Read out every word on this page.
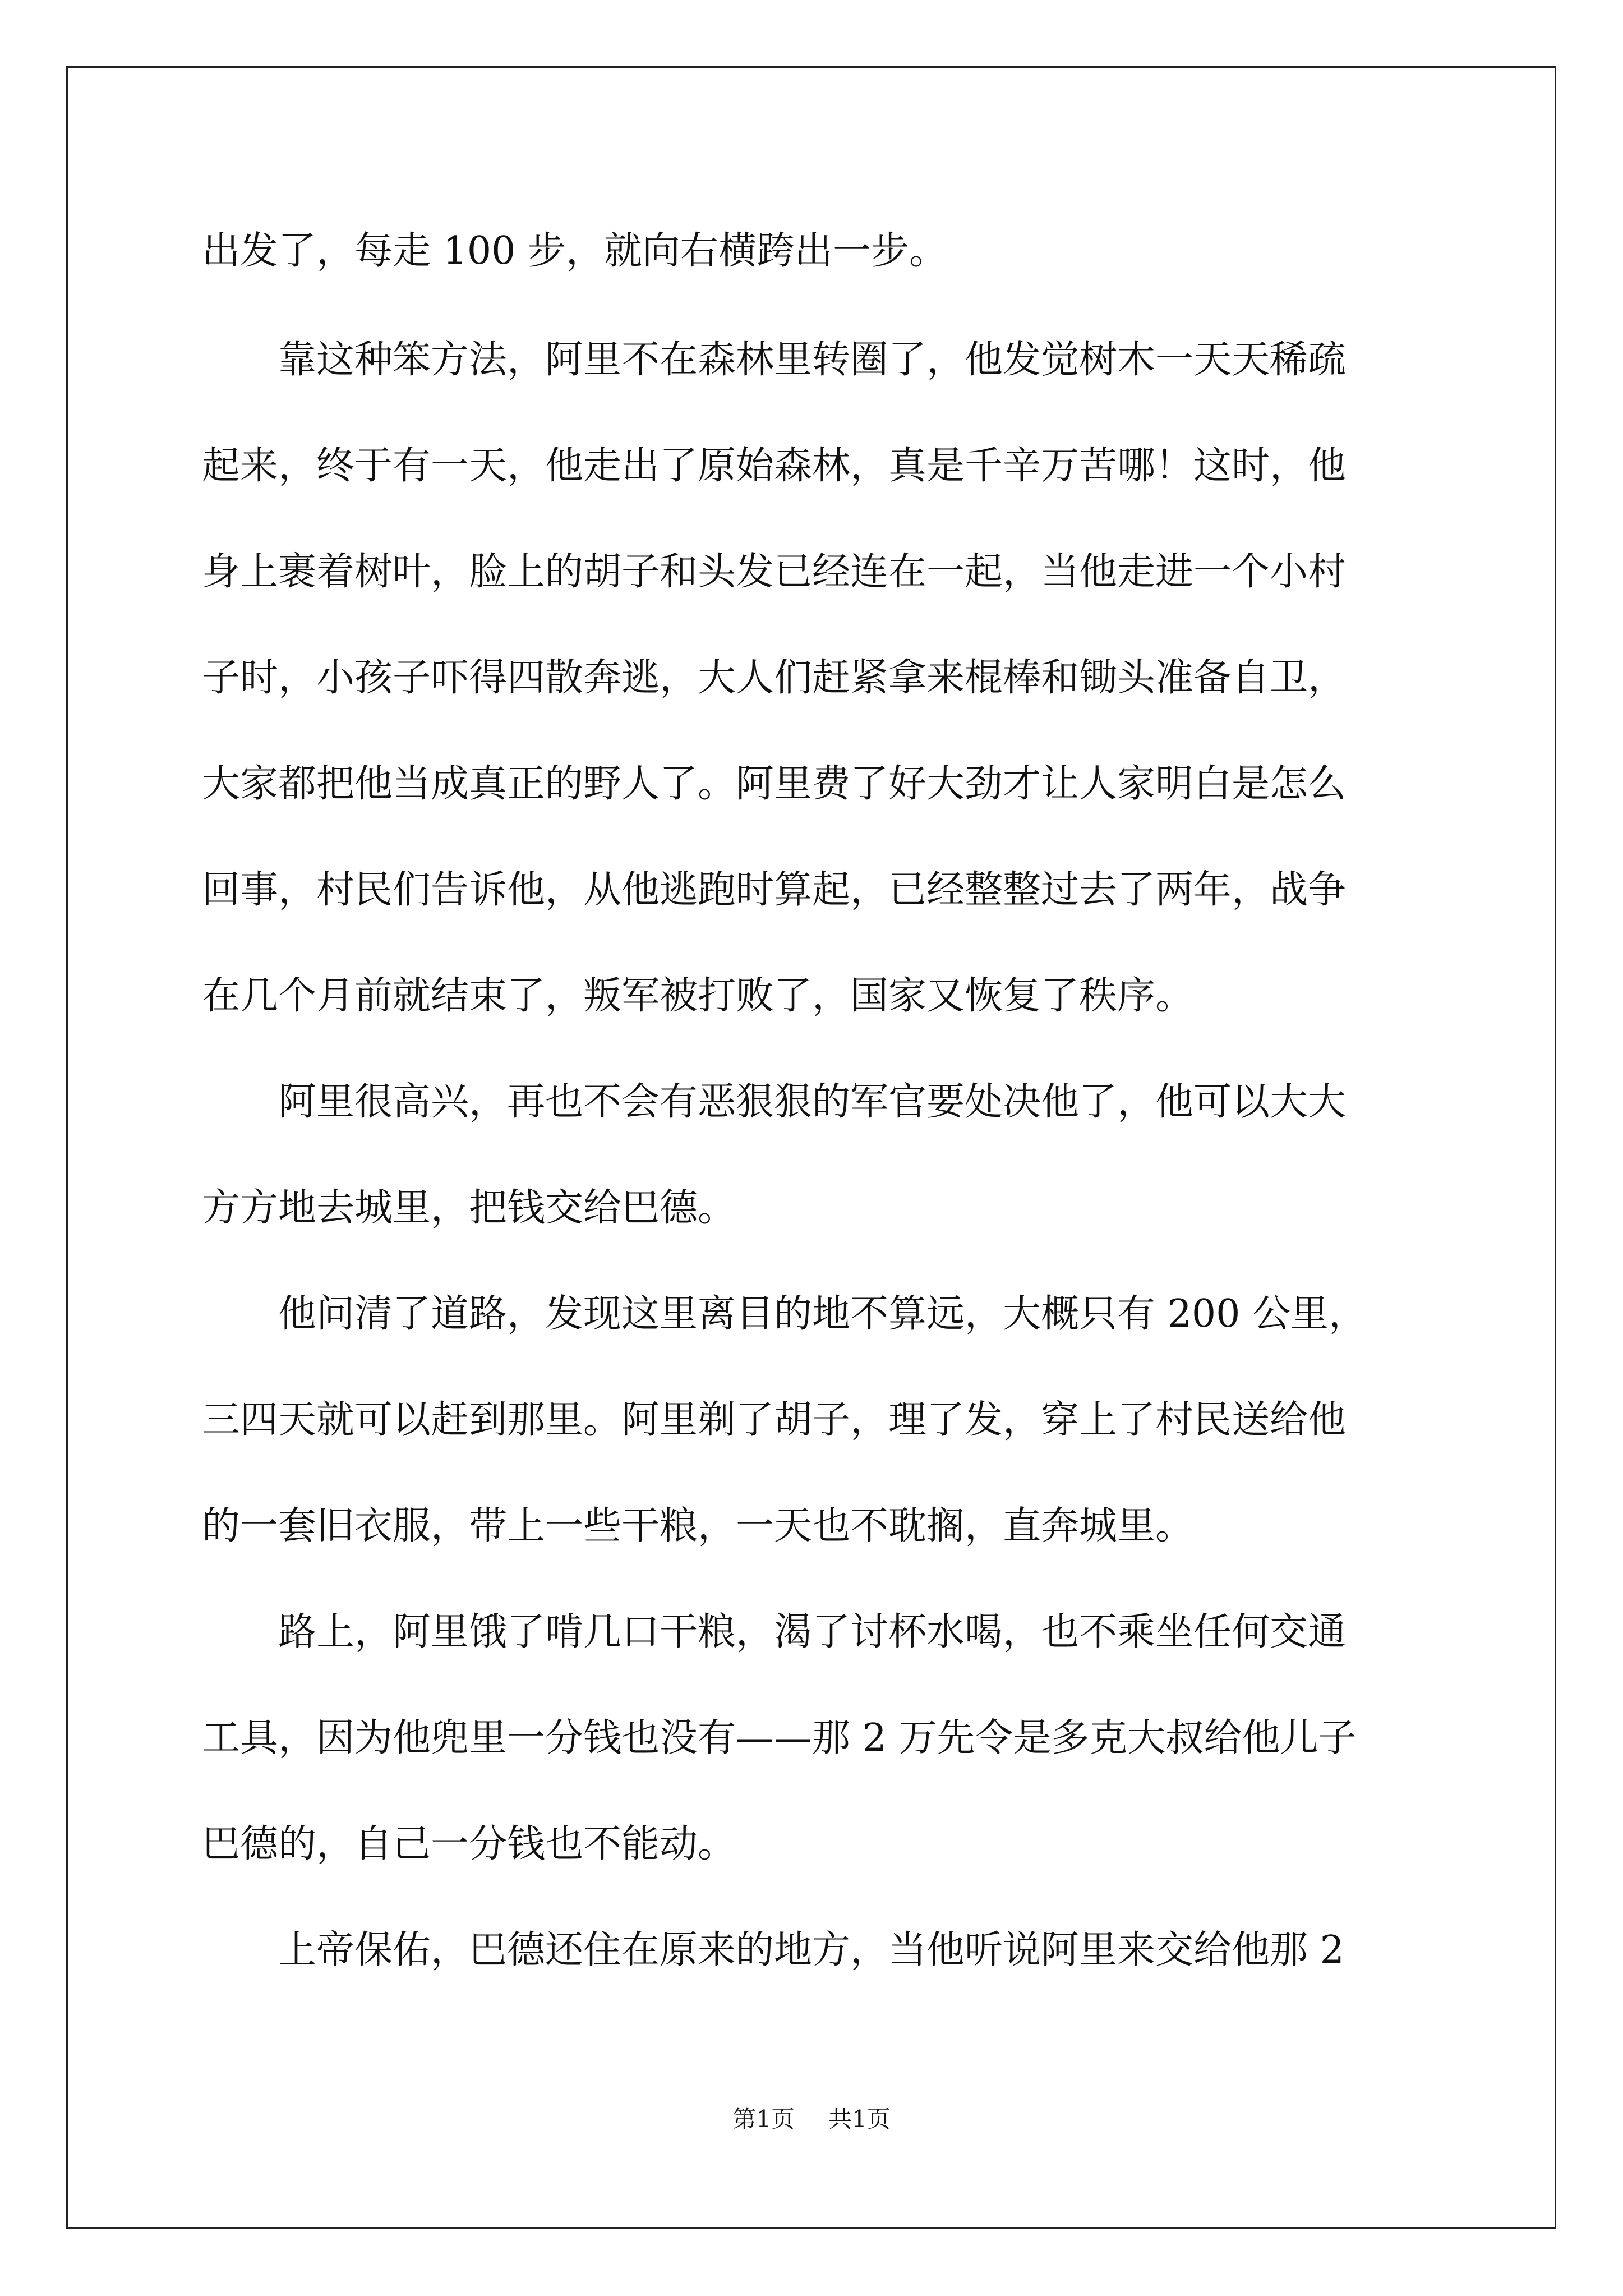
出发了，每走 100 步，就向右横跨出一步。
　　靠这种笨方法，阿里不在森林里转圈了，他发觉树木一天天稀疏
起来，终于有一天，他走出了原始森林，真是千辛万苦哪！这时，他
身上裹着树叶，脸上的胡子和头发已经连在一起，当他走进一个小村
子时，小孩子吓得四散奔逃，大人们赶紧拿来棍棒和锄头准备自卫，
大家都把他当成真正的野人了。阿里费了好大劲才让人家明白是怎么
回事，村民们告诉他，从他逃跑时算起，已经整整过去了两年，战争
在几个月前就结束了，叛军被打败了，国家又恢复了秩序。
　　阿里很高兴，再也不会有恶狠狠的军官要处决他了，他可以大大
方方地去城里，把钱交给巴德。
　　他问清了道路，发现这里离目的地不算远，大概只有 200 公里，
三四天就可以赶到那里。阿里剃了胡子，理了发，穿上了村民送给他
的一套旧衣服，带上一些干粮，一天也不耽搁，直奔城里。
　　路上，阿里饿了啃几口干粮，渴了讨杯水喝，也不乘坐任何交通
工具，因为他兜里一分钱也没有——那 2 万先令是多克大叔给他儿子
巴德的，自己一分钱也不能动。
　　上帝保佑，巴德还住在原来的地方，当他听说阿里来交给他那 2
第1页 共1页
